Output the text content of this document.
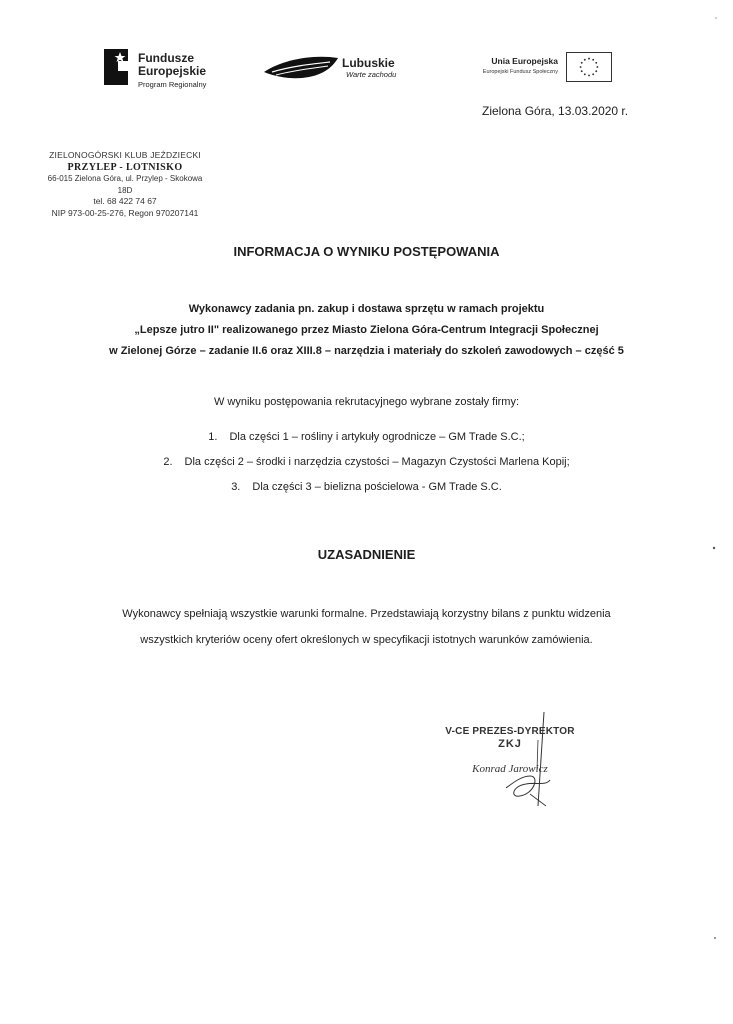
Fundusze
Europejskie
Program Regionalny
Lubuskie
Warte zachodu
Unia Europejska
Europejski Fundusz Społeczny
Zielona Góra, 13.03.2020 r.
ZIELONOGÓRSKI KLUB JEŹDZIECKI
PRZYLEP - LOTNISKO
66-015 Zielona Góra, ul. Przylep - Skokowa 18D
tel. 68 422 74 67
NIP 973-00-25-276, Regon 970207141
INFORMACJA O WYNIKU POSTĘPOWANIA
Wykonawcy zadania pn. zakup i dostawa sprzętu w ramach projektu
„Lepsze jutro II" realizowanego przez Miasto Zielona Góra-Centrum Integracji Społecznej
w Zielonej Górze – zadanie II.6 oraz XIII.8 – narzędzia i materiały do szkoleń zawodowych – część 5
W wyniku postępowania rekrutacyjnego wybrane zostały firmy:
1. Dla części 1 – rośliny i artykuły ogrodnicze – GM Trade S.C.;
2. Dla części 2 – środki i narzędzia czystości – Magazyn Czystości Marlena Kopij;
3. Dla części 3 – bielizna pościelowa - GM Trade S.C.
UZASADNIENIE
Wykonawcy spełniają wszystkie warunki formalne. Przedstawiają korzystny bilans z punktu widzenia
wszystkich kryteriów oceny ofert określonych w specyfikacji istotnych warunków zamówienia.
V-CE PREZES-DYREKTOR
ZKJ
Konrad Jarowicz
